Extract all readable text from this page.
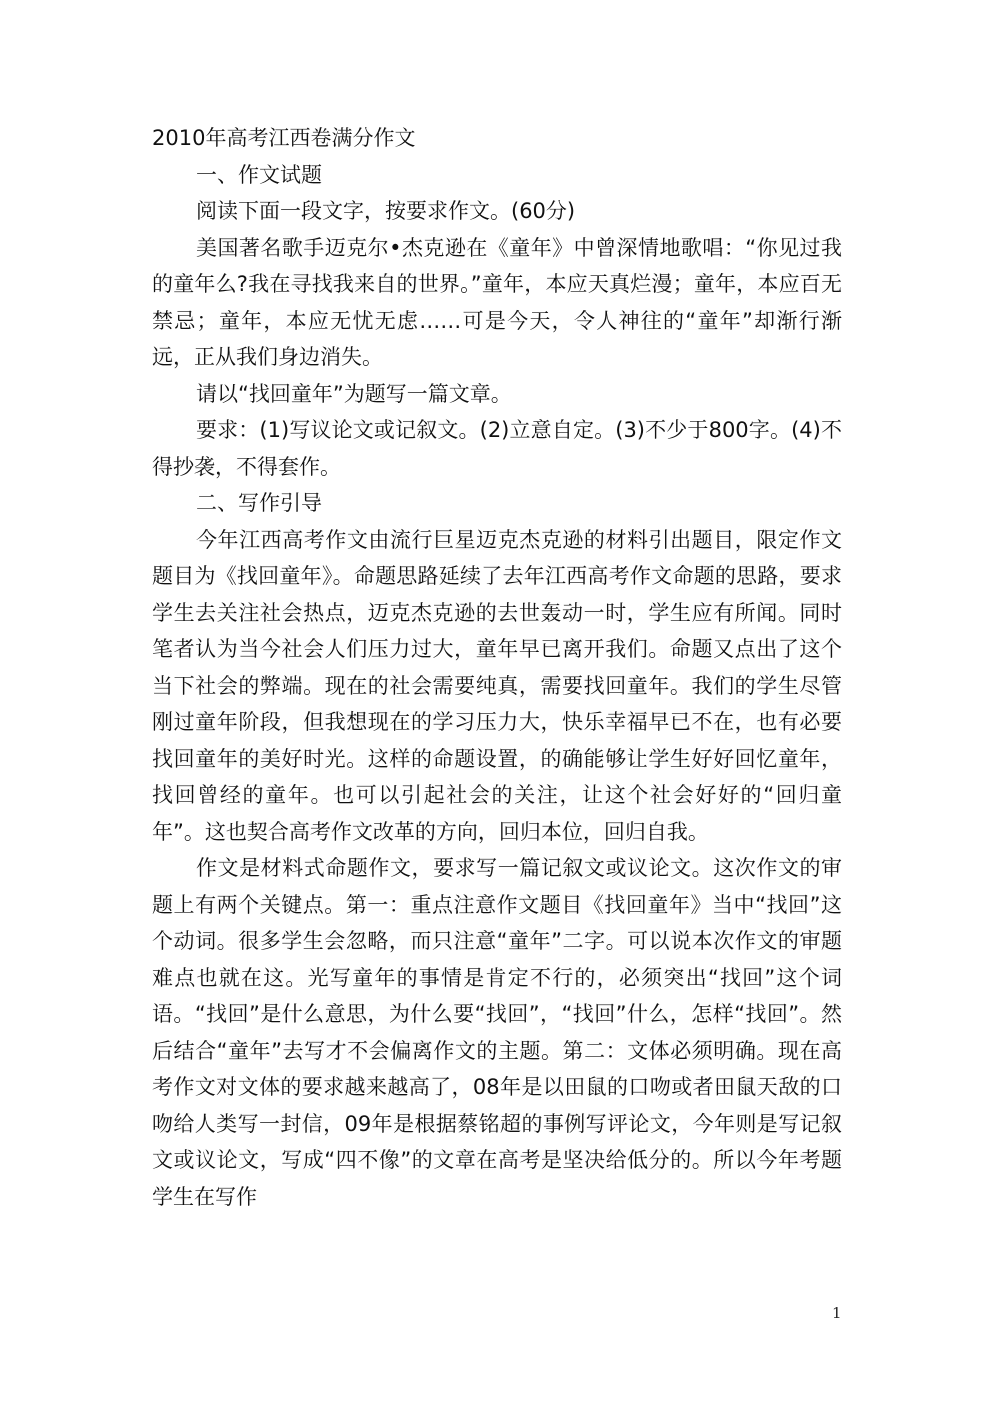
2010年高考江西卷满分作文

一、作文试题

阅读下面一段文字，按要求作文。(60分)

美国著名歌手迈克尔•杰克逊在《童年》中曾深情地歌唱：“你见过我的童年么?我在寻找我来自的世界。”童年，本应天真烂漫；童年，本应百无禁忌；童年，本应无忧无虑……可是今天，令人神往的“童年”却渐行渐远，正从我们身边消失。

请以“找回童年”为题写一篇文章。

要求：(1)写议论文或记叙文。(2)立意自定。(3)不少于800字。(4)不得抄袭，不得套作。

二、写作引导

今年江西高考作文由流行巨星迈克杰克逊的材料引出题目，限定作文题目为《找回童年》。命题思路延续了去年江西高考作文命题的思路，要求学生去关注社会热点，迈克杰克逊的去世轰动一时，学生应有所闻。同时笔者认为当今社会人们压力过大，童年早已离开我们。命题又点出了这个当下社会的弊端。现在的社会需要纯真，需要找回童年。我们的学生尽管刚过童年阶段，但我想现在的学习压力大，快乐幸福早已不在，也有必要找回童年的美好时光。这样的命题设置，的确能够让学生好好回忆童年，找回曾经的童年。也可以引起社会的关注，让这个社会好好的“回归童年”。这也契合高考作文改革的方向，回归本位，回归自我。

作文是材料式命题作文，要求写一篇记叙文或议论文。这次作文的审题上有两个关键点。第一：重点注意作文题目《找回童年》当中“找回”这个动词。很多学生会忽略，而只注意“童年”二字。可以说本次作文的审题难点也就在这。光写童年的事情是肯定不行的，必须突出“找回”这个词语。“找回”是什么意思，为什么要“找回”，“找回”什么，怎样“找回”。然后结合“童年”去写才不会偏离作文的主题。第二：文体必须明确。现在高考作文对文体的要求越来越高了，08年是以田鼠的口吻或者田鼠天敌的口吻给人类写一封信，09年是根据蔡铭超的事例写评论文，今年则是写记叙文或议论文，写成“四不像”的文章在高考是坚决给低分的。所以今年考题学生在写作

1
